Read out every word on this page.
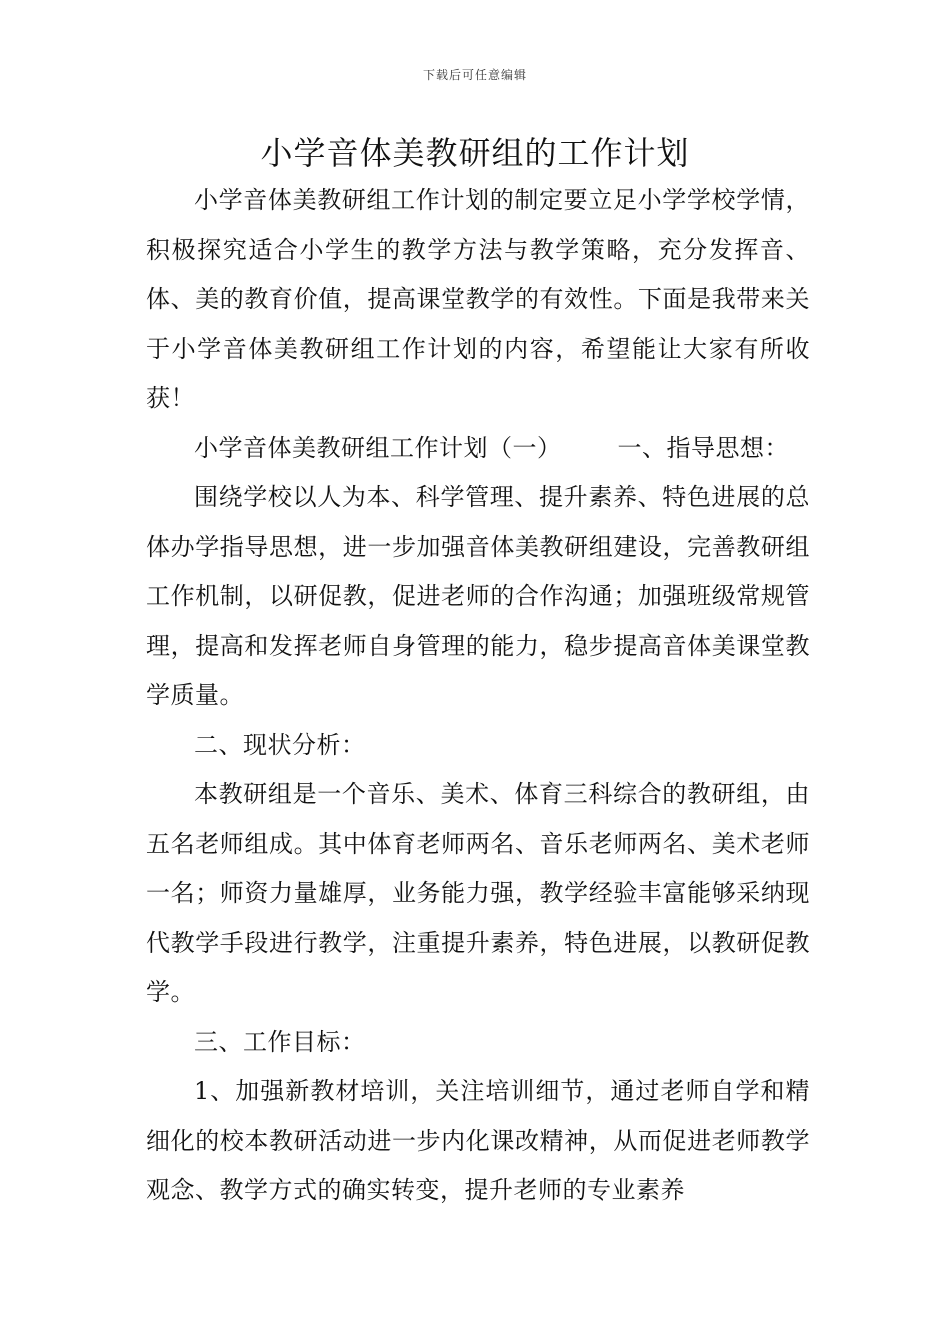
下载后可任意编辑
小学音体美教研组的工作计划

小学音体美教研组工作计划的制定要立足小学学校学情，积极探究适合小学生的教学方法与教学策略，充分发挥音、体、美的教育价值，提高课堂教学的有效性。下面是我带来关于小学音体美教研组工作计划的内容，希望能让大家有所收获！

小学音体美教研组工作计划（一） 一、指导思想：

围绕学校以人为本、科学管理、提升素养、特色进展的总体办学指导思想，进一步加强音体美教研组建设，完善教研组工作机制，以研促教，促进老师的合作沟通；加强班级常规管理，提高和发挥老师自身管理的能力，稳步提高音体美课堂教学质量。

二、现状分析：

本教研组是一个音乐、美术、体育三科综合的教研组，由五名老师组成。其中体育老师两名、音乐老师两名、美术老师一名；师资力量雄厚，业务能力强，教学经验丰富能够采纳现代教学手段进行教学，注重提升素养，特色进展，以教研促教学。

三、工作目标：

1、加强新教材培训，关注培训细节，通过老师自学和精细化的校本教研活动进一步内化课改精神，从而促进老师教学观念、教学方式的确实转变，提升老师的专业素养
